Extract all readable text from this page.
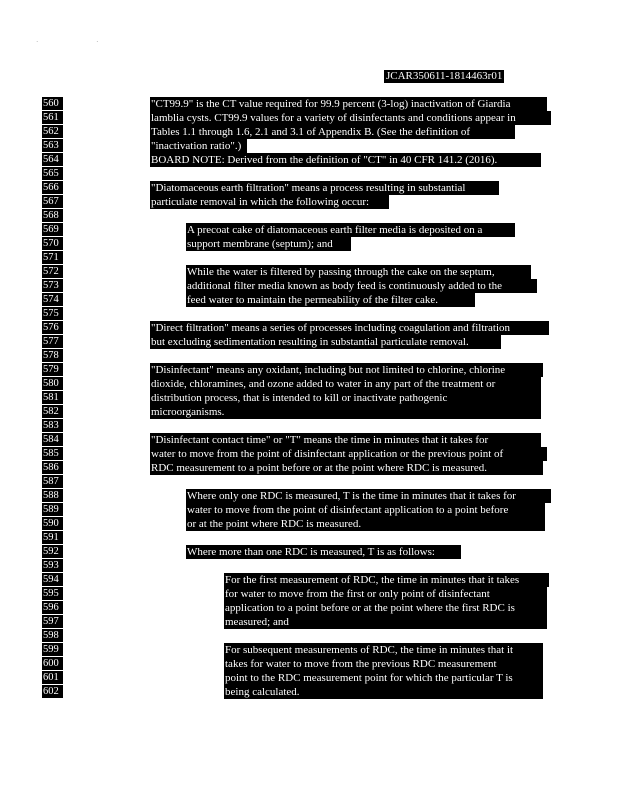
· ·
JCAR350611-1814463r01
560
561
562
563
564
565
566
567
568
569
570
571
572
573
574
575
576
577
578
579
580
581
582
583
584
585
586
587
588
589
590
591
592
593
594
595
596
597
598
599
600
601
602
"CT99.9" is the CT value required for 99.9 percent (3-log) inactivation of Giardia
lamblia cysts. CT99.9 values for a variety of disinfectants and conditions appear in
Tables 1.1 through 1.6, 2.1 and 3.1 of Appendix B. (See the definition of
"inactivation ratio".)
BOARD NOTE: Derived from the definition of "CT" in 40 CFR 141.2 (2016).
"Diatomaceous earth filtration" means a process resulting in substantial
particulate removal in which the following occur:
A precoat cake of diatomaceous earth filter media is deposited on a
support membrane (septum); and
While the water is filtered by passing through the cake on the septum,
additional filter media known as body feed is continuously added to the
feed water to maintain the permeability of the filter cake.
"Direct filtration" means a series of processes including coagulation and filtration
but excluding sedimentation resulting in substantial particulate removal.
"Disinfectant" means any oxidant, including but not limited to chlorine, chlorine
dioxide, chloramines, and ozone added to water in any part of the treatment or
distribution process, that is intended to kill or inactivate pathogenic
microorganisms.
"Disinfectant contact time" or "T" means the time in minutes that it takes for
water to move from the point of disinfectant application or the previous point of
RDC measurement to a point before or at the point where RDC is measured.
Where only one RDC is measured, T is the time in minutes that it takes for
water to move from the point of disinfectant application to a point before
or at the point where RDC is measured.
Where more than one RDC is measured, T is as follows:
For the first measurement of RDC, the time in minutes that it takes
for water to move from the first or only point of disinfectant
application to a point before or at the point where the first RDC is
measured; and
For subsequent measurements of RDC, the time in minutes that it
takes for water to move from the previous RDC measurement
point to the RDC measurement point for which the particular T is
being calculated.
